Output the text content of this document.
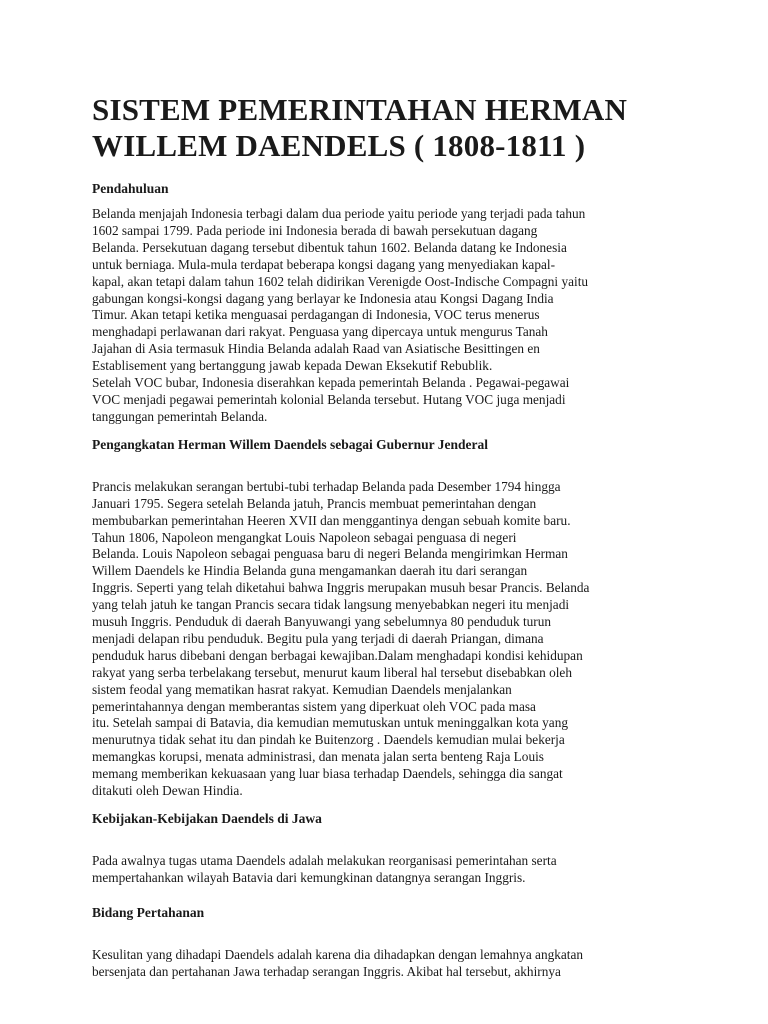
SISTEM PEMERINTAHAN HERMAN
WILLEM DAENDELS ( 1808-1811 )
Pendahuluan

Belanda menjajah Indonesia terbagi dalam dua periode yaitu periode yang terjadi pada tahun
1602 sampai 1799. Pada periode ini Indonesia berada di bawah persekutuan dagang
Belanda. Persekutuan dagang tersebut dibentuk tahun 1602. Belanda datang ke Indonesia
untuk berniaga. Mula-mula terdapat beberapa kongsi dagang yang menyediakan kapal-
kapal, akan tetapi dalam tahun 1602 telah didirikan Verenigde Oost-Indische Compagni yaitu
gabungan kongsi-kongsi dagang yang berlayar ke Indonesia atau Kongsi Dagang India
Timur. Akan tetapi ketika menguasai perdagangan di Indonesia, VOC terus menerus
menghadapi perlawanan dari rakyat. Penguasa yang dipercaya untuk mengurus Tanah
Jajahan di Asia termasuk Hindia Belanda adalah Raad van Asiatische Besittingen en
Establisement yang bertanggung jawab kepada Dewan Eksekutif Rebublik.
Setelah VOC bubar, Indonesia diserahkan kepada pemerintah Belanda . Pegawai-pegawai
VOC menjadi pegawai pemerintah kolonial Belanda tersebut. Hutang VOC juga menjadi
tanggungan pemerintah Belanda.

Pengangkatan Herman Willem Daendels sebagai Gubernur Jenderal

Prancis melakukan serangan bertubi-tubi terhadap Belanda pada Desember 1794 hingga
Januari 1795. Segera setelah Belanda jatuh, Prancis membuat pemerintahan dengan
membubarkan pemerintahan Heeren XVII dan menggantinya dengan sebuah komite baru.
Tahun 1806, Napoleon mengangkat Louis Napoleon sebagai penguasa di negeri
Belanda. Louis Napoleon sebagai penguasa baru di negeri Belanda mengirimkan Herman
Willem Daendels ke Hindia Belanda guna mengamankan daerah itu dari serangan
Inggris. Seperti yang telah diketahui bahwa Inggris merupakan musuh besar Prancis. Belanda
yang telah jatuh ke tangan Prancis secara tidak langsung menyebabkan negeri itu menjadi
musuh Inggris. Penduduk di daerah Banyuwangi yang sebelumnya 80 penduduk turun
menjadi delapan ribu penduduk. Begitu pula yang terjadi di daerah Priangan, dimana
penduduk harus dibebani dengan berbagai kewajiban.Dalam menghadapi kondisi kehidupan
rakyat yang serba terbelakang tersebut, menurut kaum liberal hal tersebut disebabkan oleh
sistem feodal yang mematikan hasrat rakyat. Kemudian Daendels menjalankan
pemerintahannya dengan memberantas sistem yang diperkuat oleh VOC pada masa
itu. Setelah sampai di Batavia, dia kemudian memutuskan untuk meninggalkan kota yang
menurutnya tidak sehat itu dan pindah ke Buitenzorg . Daendels kemudian mulai bekerja
memangkas korupsi, menata administrasi, dan menata jalan serta benteng Raja Louis
memang memberikan kekuasaan yang luar biasa terhadap Daendels, sehingga dia sangat
ditakuti oleh Dewan Hindia.

Kebijakan-Kebijakan Daendels di Jawa

Pada awalnya tugas utama Daendels adalah melakukan reorganisasi pemerintahan serta
mempertahankan wilayah Batavia dari kemungkinan datangnya serangan Inggris.

Bidang Pertahanan

Kesulitan yang dihadapi Daendels adalah karena dia dihadapkan dengan lemahnya angkatan
bersenjata dan pertahanan Jawa terhadap serangan Inggris. Akibat hal tersebut, akhirnya
